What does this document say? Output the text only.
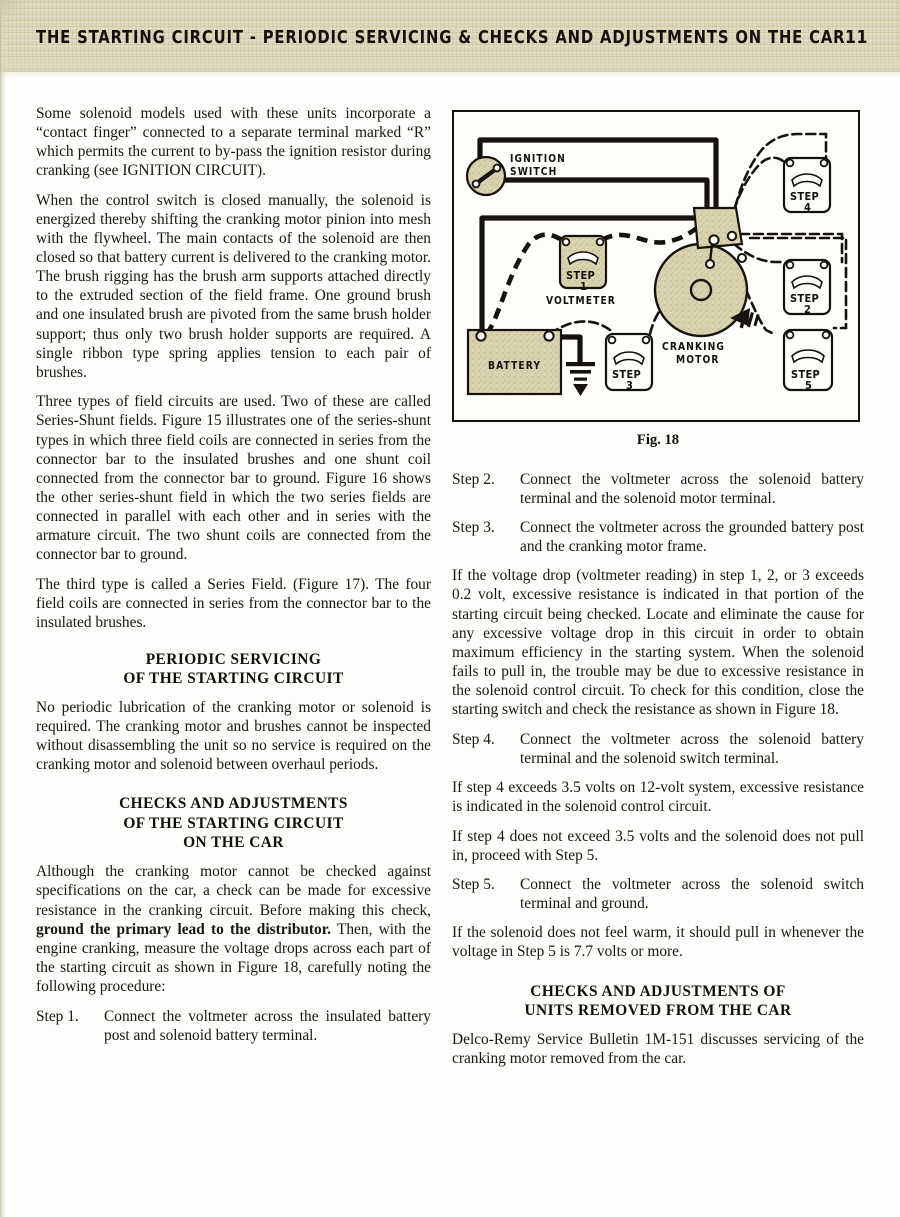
THE STARTING CIRCUIT - PERIODIC SERVICING & CHECKS AND ADJUSTMENTS ON THE CAR 11

Some solenoid models used with these units incorporate a “contact finger” connected to a separate terminal marked “R” which permits the current to by-pass the ignition resistor during cranking (see IGNITION CIRCUIT).

When the control switch is closed manually, the solenoid is energized thereby shifting the cranking motor pinion into mesh with the flywheel. The main contacts of the solenoid are then closed so that battery current is delivered to the cranking motor. The brush rigging has the brush arm supports attached directly to the extruded section of the field frame. One ground brush and one insulated brush are pivoted from the same brush holder support; thus only two brush holder supports are required. A single ribbon type spring applies tension to each pair of brushes.

Three types of field circuits are used. Two of these are called Series-Shunt fields. Figure 15 illustrates one of the series-shunt types in which three field coils are connected in series from the connector bar to the insulated brushes and one shunt coil connected from the connector bar to ground. Figure 16 shows the other series-shunt field in which the two series fields are connected in parallel with each other and in series with the armature circuit. The two shunt coils are connected from the connector bar to ground.

The third type is called a Series Field. (Figure 17). The four field coils are connected in series from the connector bar to the insulated brushes.

PERIODIC SERVICING
OF THE STARTING CIRCUIT

No periodic lubrication of the cranking motor or solenoid is required. The cranking motor and brushes cannot be inspected without disassembling the unit so no service is required on the cranking motor and solenoid between overhaul periods.

CHECKS AND ADJUSTMENTS
OF THE STARTING CIRCUIT
ON THE CAR

Although the cranking motor cannot be checked against specifications on the car, a check can be made for excessive resistance in the cranking circuit. Before making this check, ground the primary lead to the distributor. Then, with the engine cranking, measure the voltage drops across each part of the starting circuit as shown in Figure 18, carefully noting the following procedure:

Step 1.	Connect the voltmeter across the insulated battery post and solenoid battery terminal.
IGNITION
SWITCH
BATTERY
STEP
1
VOLTMETER
STEP
3
CRANKING
MOTOR
STEP
4
STEP
2
STEP
5
Fig. 18
Step 2.	Connect the voltmeter across the solenoid battery terminal and the solenoid motor terminal.
Step 3.	Connect the voltmeter across the grounded battery post and the cranking motor frame.

If the voltage drop (voltmeter reading) in step 1, 2, or 3 exceeds 0.2 volt, excessive resistance is indicated in that portion of the starting circuit being checked. Locate and eliminate the cause for any excessive voltage drop in this circuit in order to obtain maximum efficiency in the starting system. When the solenoid fails to pull in, the trouble may be due to excessive resistance in the solenoid control circuit. To check for this condition, close the starting switch and check the resistance as shown in Figure 18.

Step 4.	Connect the voltmeter across the solenoid battery terminal and the solenoid switch terminal.

If step 4 exceeds 3.5 volts on 12-volt system, excessive resistance is indicated in the solenoid control circuit.

If step 4 does not exceed 3.5 volts and the solenoid does not pull in, proceed with Step 5.

Step 5.	Connect the voltmeter across the solenoid switch terminal and ground.

If the solenoid does not feel warm, it should pull in whenever the voltage in Step 5 is 7.7 volts or more.

CHECKS AND ADJUSTMENTS OF
UNITS REMOVED FROM THE CAR

Delco-Remy Service Bulletin 1M-151 discusses servicing of the cranking motor removed from the car.
